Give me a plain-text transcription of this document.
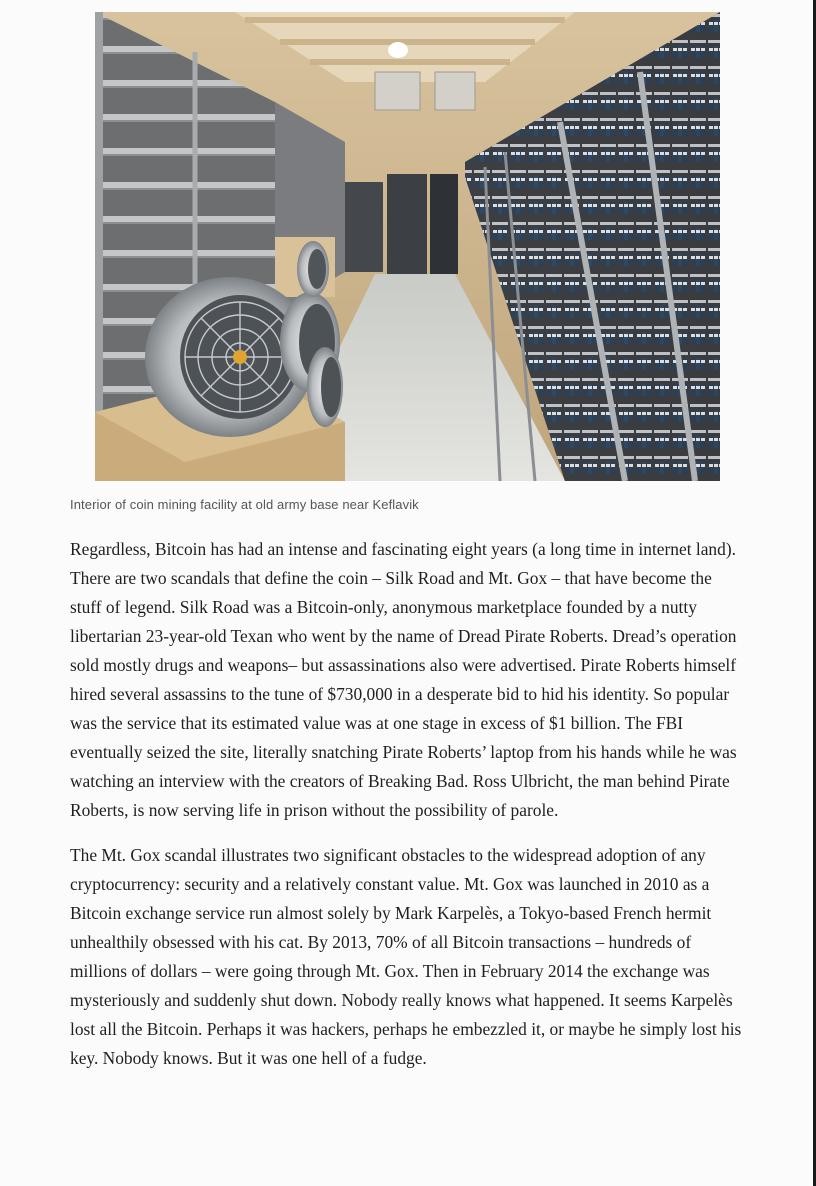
Interior of coin mining facility at old army base near Keflavik

Regardless, Bitcoin has had an intense and fascinating eight years (a long time in internet land). There are two scandals that define the coin – Silk Road and Mt. Gox – that have become the stuff of legend. Silk Road was a Bitcoin-only, anonymous marketplace founded by a nutty libertarian 23-year-old Texan who went by the name of Dread Pirate Roberts. Dread’s operation sold mostly drugs and weapons– but assassinations also were advertised. Pirate Roberts himself hired several assassins to the tune of $730,000 in a desperate bid to hid his identity. So popular was the service that its estimated value was at one stage in excess of $1 billion. The FBI eventually seized the site, literally snatching Pirate Roberts’ laptop from his hands while he was watching an interview with the creators of Breaking Bad. Ross Ulbricht, the man behind Pirate Roberts, is now serving life in prison without the possibility of parole.

The Mt. Gox scandal illustrates two significant obstacles to the widespread adoption of any cryptocurrency: security and a relatively constant value. Mt. Gox was launched in 2010 as a Bitcoin exchange service run almost solely by Mark Karpelès, a Tokyo-based French hermit unhealthily obsessed with his cat. By 2013, 70% of all Bitcoin transactions – hundreds of millions of dollars – were going through Mt. Gox. Then in February 2014 the exchange was mysteriously and suddenly shut down. Nobody really knows what happened. It seems Karpelès lost all the Bitcoin. Perhaps it was hackers, perhaps he embezzled it, or maybe he simply lost his key. Nobody knows. But it was one hell of a fudge.
